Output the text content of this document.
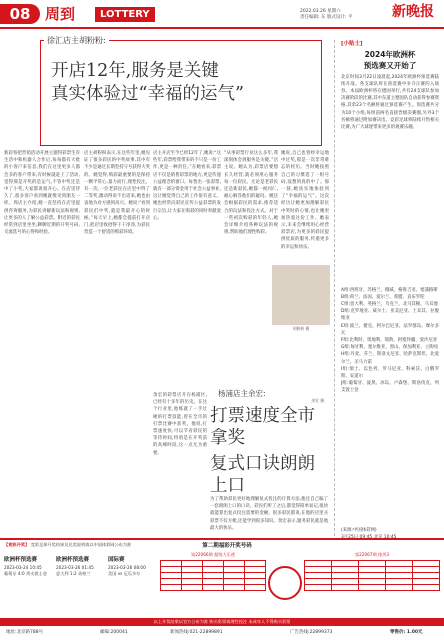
08 周到	LOTTERY	2022.03.26 星期六
责任编辑: 东 版式设计: 平	新晚报
开店12年,服务是关键
真实体验过“幸福的运气”
徐汇店主胡粉粉:
新彩客把营销活动开展主题得彩票生有生活中和机器人合作后,每每都有大批的小客户来信息,我们在这里更多人都会多的客户带来,有时候就赶上了活动,觉得那是开奖的是运气,不管中奖还是中了小奖,大家都说很开心。在店里待久了,很多客户看到她就像见到朋友一样。周店主介绍,她一直坚持在店里提供咨询服务,为彩民讲解新玩法和规则,让更多的人了解公益彩票。附近的彩民经常到店里坐坐,聊聊近期的开奖号码,交流选号的心得和经验。
店主胡粉粉表示,在这些年里,她见证了很多彩民的中奖故事,其中有不少是通过长期坚持守号获得大奖的。她觉得,购彩最重要的是保持一颗平常心,量力而行,理性投注。有一次,一位老彩民在店里中得了二等奖,激动得说不出话来,她也由衷地为对方感到高兴。她说:“看到彩民们中奖,就是我最开心的时候。”每天早上,她都会提前打开店门,把店里收拾得干干净净,为彩民营造一个舒适的购彩环境。
店主开店至今已经12年了,她说:“这些年,彩票给我带来的不只是一份工作,更是一种责任。”在她看来,彩票店不仅是销售彩票的地方,更是传递公益理念的窗口。每售出一张彩票,就有一部分资金用于社会公益事业,这让她觉得自己的工作很有意义。她也经常向彩民宣传公益彩票的发行宗旨,让大家在购彩的同时奉献爱心。
“从事彩票行业这么多年,我深刻体会到服务是关键。”店主说。她认为,彩票店要想长久经营,就必须用心服务每一位彩民。无论是老彩民还是新彩民,她都一视同仁,耐心解答他们的疑问。她还会根据彩民的需求,推荐适合的玩法和投注方式。对于一些初次购彩的年轻人,她会详细介绍各种玩法的规则,帮助他们理性购彩。
她说,自己也曾经幸运地中过奖,那是一次非常难忘的经历。当时她按照自己的习惯选了一组号码,没想到真的中了。那一刻,她真实地体验到了“幸福的运气”。这次经历让她更加理解彩民中奖时的心情,也让她更加热爱这份工作。她表示,未来会继续用心经营彩票店,为更多的彩民提供优质的服务,传递更多的幸运和快乐。
胡粉粉 摄
杨浦店主余宏:
打票速度全市拿奖
复式口诀朗朗上口
余宏的彩票店开在杨浦区,已经有十多年的历史。在这个行业里,他练就了一手过硬的打票技能,曾在全市的打票比赛中获奖。他说,打票速度快,可以节省彩民的等待时间,特别是在开奖前的高峰时段,这一点尤为重要。
为了帮助彩民更好地理解复式投注的计算方法,他还自己编了一套朗朗上口的口诀。彩民们听了之后,都觉得简单易记,很快就能算出复式投注需要的金额。很多彩民都说,在他的店里买彩票不仅方便,还能学到很多知识。余宏表示,服务彩民就是他最大的快乐。
余宏 摄
[小贴士]
2024年欧洲杯
预选赛又开始了
北京时间3月22日凌晨起,2024年欧洲杯预选赛陆续开战。各支球队将在预选赛中争夺正赛的入场券。本届欧洲杯将在德国举行,共有24支球队参加决赛阶段的比赛,其中东道主德国队自动获得参赛资格,其余23个名额将通过预选赛产生。预选赛共分为10个小组,每组前两名直接晋级决赛圈,另外3个名额将通过附加赛决出。竞彩足球将陆续开售相关比赛,为广大球迷带来更多的观赛乐趣。
A组:西班牙、苏格兰、挪威、格鲁吉亚、塞浦路斯
B组:荷兰、法国、爱尔兰、希腊、直布罗陀
C组:意大利、英格兰、乌克兰、北马其顿、马耳他
D组:克罗地亚、威尔士、亚美尼亚、土耳其、拉脱维亚
E组:波兰、捷克、阿尔巴尼亚、法罗群岛、摩尔多瓦
F组:比利时、奥地利、瑞典、阿塞拜疆、爱沙尼亚
G组:匈牙利、塞尔维亚、黑山、保加利亚、立陶宛
H组:丹麦、芬兰、斯洛文尼亚、哈萨克斯坦、北爱尔兰、圣马力诺
I组:瑞士、以色列、罗马尼亚、科索沃、白俄罗斯、安道尔
J组:葡萄牙、波黑、冰岛、卢森堡、斯洛伐克、列支敦士登
(来源:中国体彩网)

【竞彩开奖】 竞彩足球开奖结果及兑奖说明请以中国体彩网公布为准
欧洲杯预选赛
2023-03-24 10:45
葡萄牙 4:0 列支敦士登
欧洲杯预选赛
2023-03-26 01:45
意大利 1:2 英格兰
国际赛
2023-03-26 08:00
美国 vs 厄瓜多尔
第二期福彩开奖号码
第22066期 超级大乐透

					第22067期 排列3

以上开奖结果以官方公布为准 购买彩票请理性投注 未成年人不得购买彩票
地址:北京路788号	邮编:200041	新闻热线:021-22899891	广告热线:22899373	零售价: 1.00元
